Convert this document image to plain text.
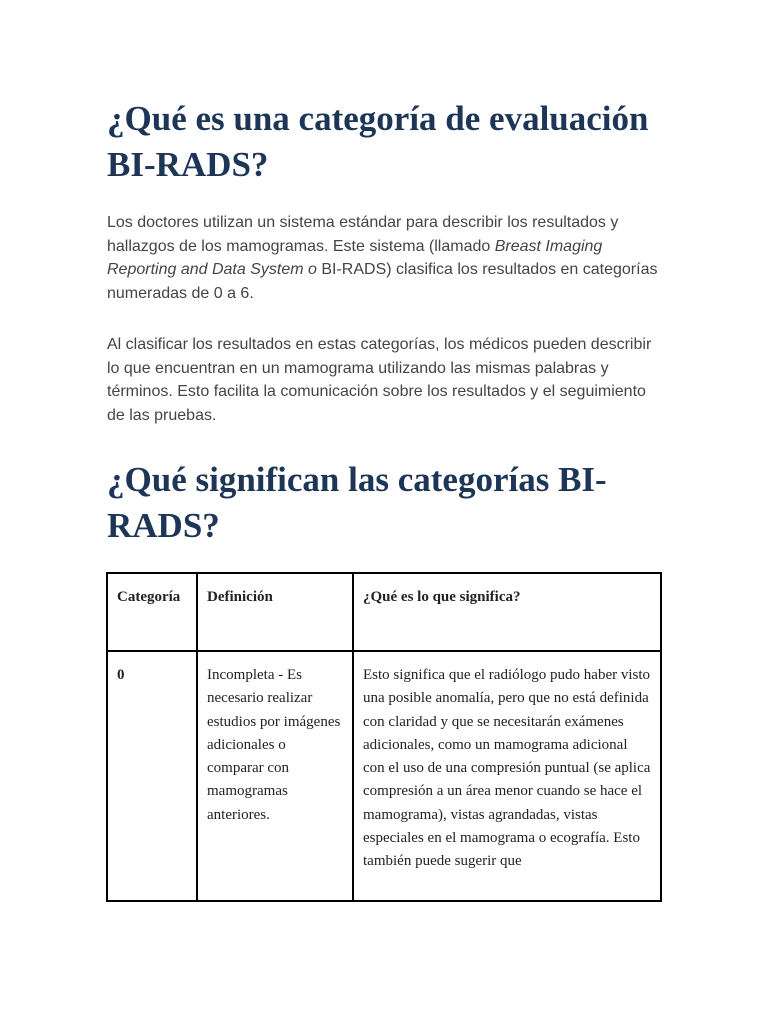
¿Qué es una categoría de evaluación BI-RADS?

Los doctores utilizan un sistema estándar para describir los resultados y hallazgos de los mamogramas. Este sistema (llamado Breast Imaging Reporting and Data System o BI-RADS) clasifica los resultados en categorías numeradas de 0 a 6.

Al clasificar los resultados en estas categorías, los médicos pueden describir lo que encuentran en un mamograma utilizando las mismas palabras y términos. Esto facilita la comunicación sobre los resultados y el seguimiento de las pruebas.

¿Qué significan las categorías BI-RADS?
Categoría	Definición	¿Qué es lo que significa?
0	Incompleta - Es necesario realizar estudios por imágenes adicionales o comparar con mamogramas anteriores.	Esto significa que el radiólogo pudo haber visto una posible anomalía, pero que no está definida con claridad y que se necesitarán exámenes adicionales, como un mamograma adicional con el uso de una compresión puntual (se aplica compresión a un área menor cuando se hace el mamograma), vistas agrandadas, vistas especiales en el mamograma o ecografía. Esto también puede sugerir que
